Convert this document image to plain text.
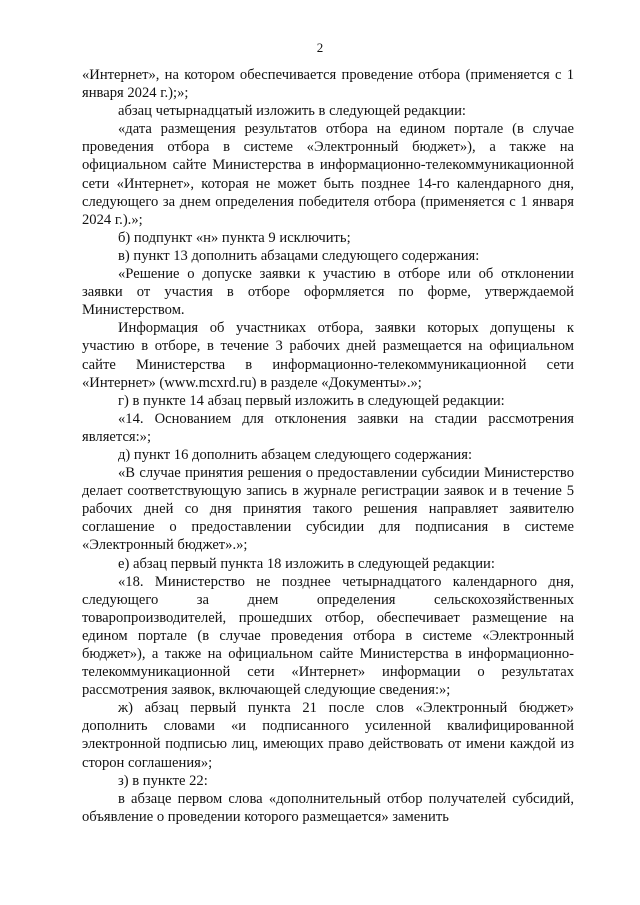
2

«Интернет», на котором обеспечивается проведение отбора (применяется с 1 января 2024 г.);»;

абзац четырнадцатый изложить в следующей редакции:

«дата размещения результатов отбора на едином портале (в случае проведения отбора в системе «Электронный бюджет»), а также на официальном сайте Министерства в информационно-телекоммуникационной сети «Интернет», которая не может быть позднее 14-го календарного дня, следующего за днем определения победителя отбора (применяется с 1 января 2024 г.).»;

б) подпункт «н» пункта 9 исключить;

в) пункт 13 дополнить абзацами следующего содержания:

«Решение о допуске заявки к участию в отборе или об отклонении заявки от участия в отборе оформляется по форме, утверждаемой Министерством.

Информация об участниках отбора, заявки которых допущены к участию в отборе, в течение 3 рабочих дней размещается на официальном сайте Министерства в информационно-телекоммуникационной сети «Интернет» (www.mcxrd.ru) в разделе «Документы».»;

г) в пункте 14 абзац первый изложить в следующей редакции:

«14. Основанием для отклонения заявки на стадии рассмотрения является:»;

д) пункт 16 дополнить абзацем следующего содержания:

«В случае принятия решения о предоставлении субсидии Министерство делает соответствующую запись в журнале регистрации заявок и в течение 5 рабочих дней со дня принятия такого решения направляет заявителю соглашение о предоставлении субсидии для подписания в системе «Электронный бюджет».»;

е) абзац первый пункта 18 изложить в следующей редакции:

«18. Министерство не позднее четырнадцатого календарного дня, следующего за днем определения сельскохозяйственных товаропроизводителей, прошедших отбор, обеспечивает размещение на едином портале (в случае проведения отбора в системе «Электронный бюджет»), а также на официальном сайте Министерства в информационно-телекоммуникационной сети «Интернет» информации о результатах рассмотрения заявок, включающей следующие сведения:»;

ж) абзац первый пункта 21 после слов «Электронный бюджет» дополнить словами «и подписанного усиленной квалифицированной электронной подписью лиц, имеющих право действовать от имени каждой из сторон соглашения»;

з) в пункте 22:

в абзаце первом слова «дополнительный отбор получателей субсидий, объявление о проведении которого размещается» заменить
